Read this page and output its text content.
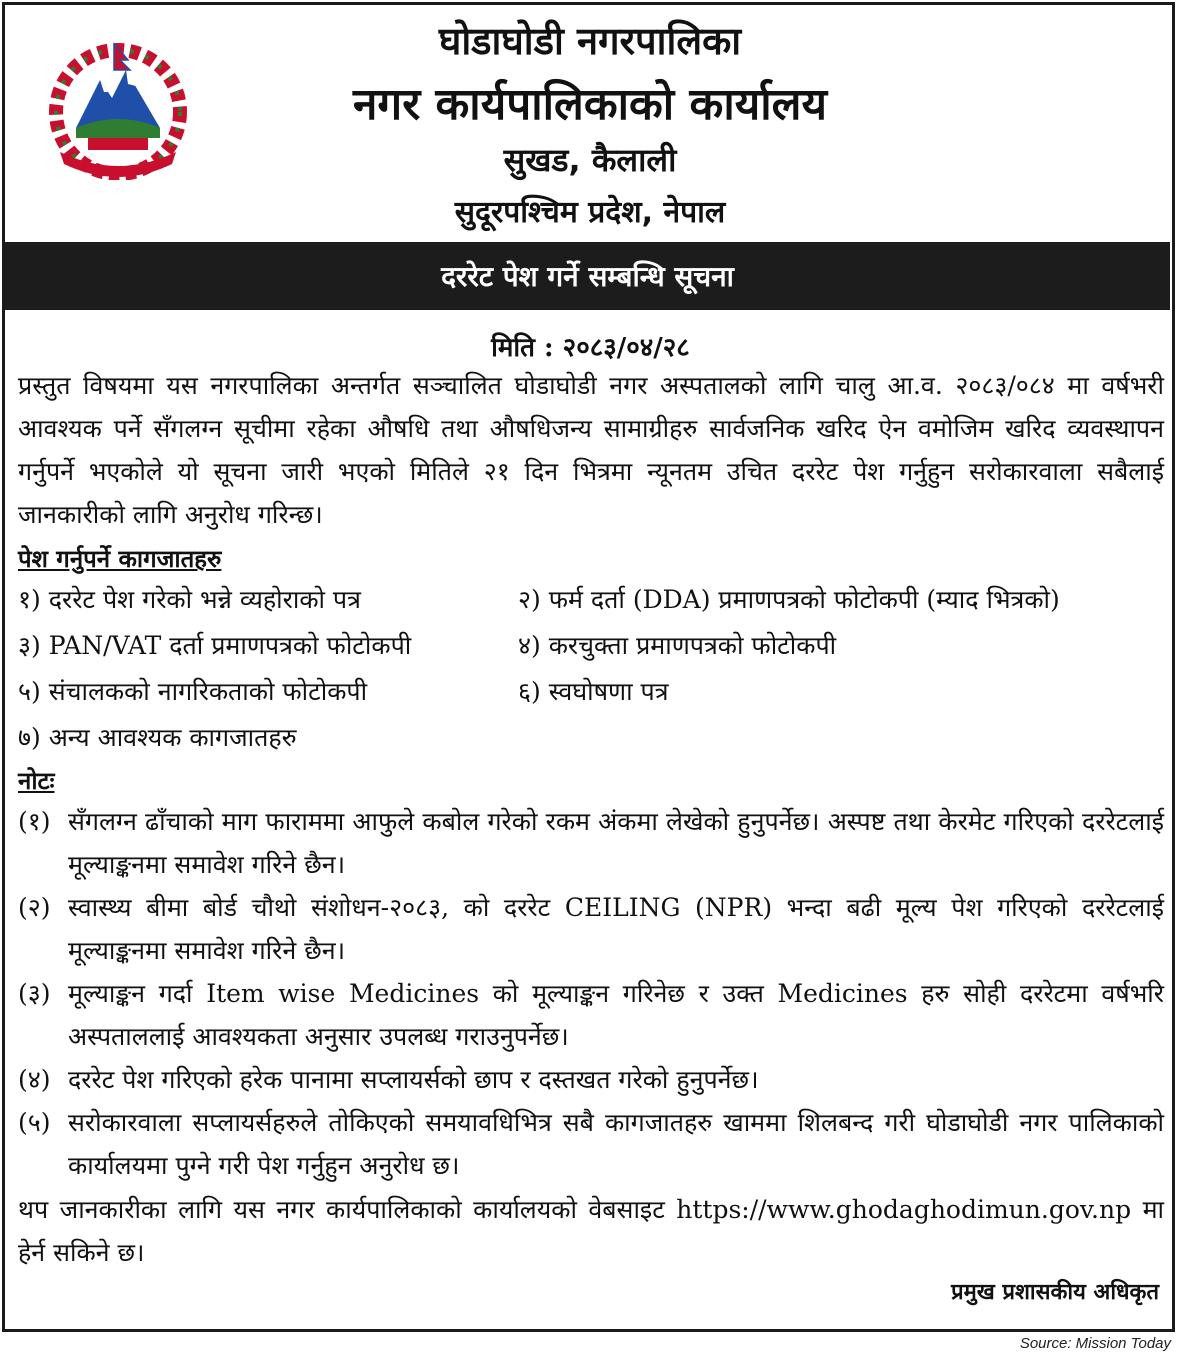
घोडाघोडी नगरपालिका
नगर कार्यपालिकाको कार्यालय
सुखड, कैलाली
सुदूरपश्चिम प्रदेश, नेपाल
दररेट पेश गर्ने सम्बन्धि सूचना
मिति : २०८३/०४/२८
प्रस्तुत विषयमा यस नगरपालिका अन्तर्गत सञ्चालित घोडाघोडी नगर अस्पतालको लागि चालु आ.व. २०८३/०८४ मा वर्षभरी आवश्यक पर्ने सँगलग्न सूचीमा रहेका औषधि तथा औषधिजन्य सामाग्रीहरु सार्वजनिक खरिद ऐन वमोजिम खरिद व्यवस्थापन गर्नुपर्ने भएकोले यो सूचना जारी भएको मितिले २१ दिन भित्रमा न्यूनतम उचित दररेट पेश गर्नुहुन सरोकारवाला सबैलाई जानकारीको लागि अनुरोध गरिन्छ।
पेश गर्नुपर्ने कागजातहरु
१) दररेट पेश गरेको भन्ने व्यहोराको पत्र	२) फर्म दर्ता (DDA) प्रमाणपत्रको फोटोकपी (म्याद भित्रको)
३) PAN/VAT दर्ता प्रमाणपत्रको फोटोकपी	४) करचुक्ता प्रमाणपत्रको फोटोकपी
५) संचालकको नागरिकताको फोटोकपी	६) स्वघोषणा पत्र
७) अन्य आवश्यक कागजातहरु
नोटः
(१) सँगलग्न ढाँचाको माग फाराममा आफुले कबोल गरेको रकम अंकमा लेखेको हुनुपर्नेछ। अस्पष्ट तथा केरमेट गरिएको दररेटलाई मूल्याङ्कनमा समावेश गरिने छैन।
(२) स्वास्थ्य बीमा बोर्ड चौथो संशोधन-२०८३, को दररेट CEILING (NPR) भन्दा बढी मूल्य पेश गरिएको दररेटलाई मूल्याङ्कनमा समावेश गरिने छैन।
(३) मूल्याङ्कन गर्दा Item wise Medicines को मूल्याङ्कन गरिनेछ र उक्त Medicines हरु सोही दररेटमा वर्षभरि अस्पताललाई आवश्यकता अनुसार उपलब्ध गराउनुपर्नेछ।
(४) दररेट पेश गरिएको हरेक पानामा सप्लायर्सको छाप र दस्तखत गरेको हुनुपर्नेछ।
(५) सरोकारवाला सप्लायर्सहरुले तोकिएको समयावधिभित्र सबै कागजातहरु खाममा शिलबन्द गरी घोडाघोडी नगर पालिकाको कार्यालयमा पुग्ने गरी पेश गर्नुहुन अनुरोध छ।
थप जानकारीका लागि यस नगर कार्यपालिकाको कार्यालयको वेबसाइट https://www.ghodaghodimun.gov.np मा हेर्न सकिने छ।
प्रमुख प्रशासकीय अधिकृत
Source: Mission Today
